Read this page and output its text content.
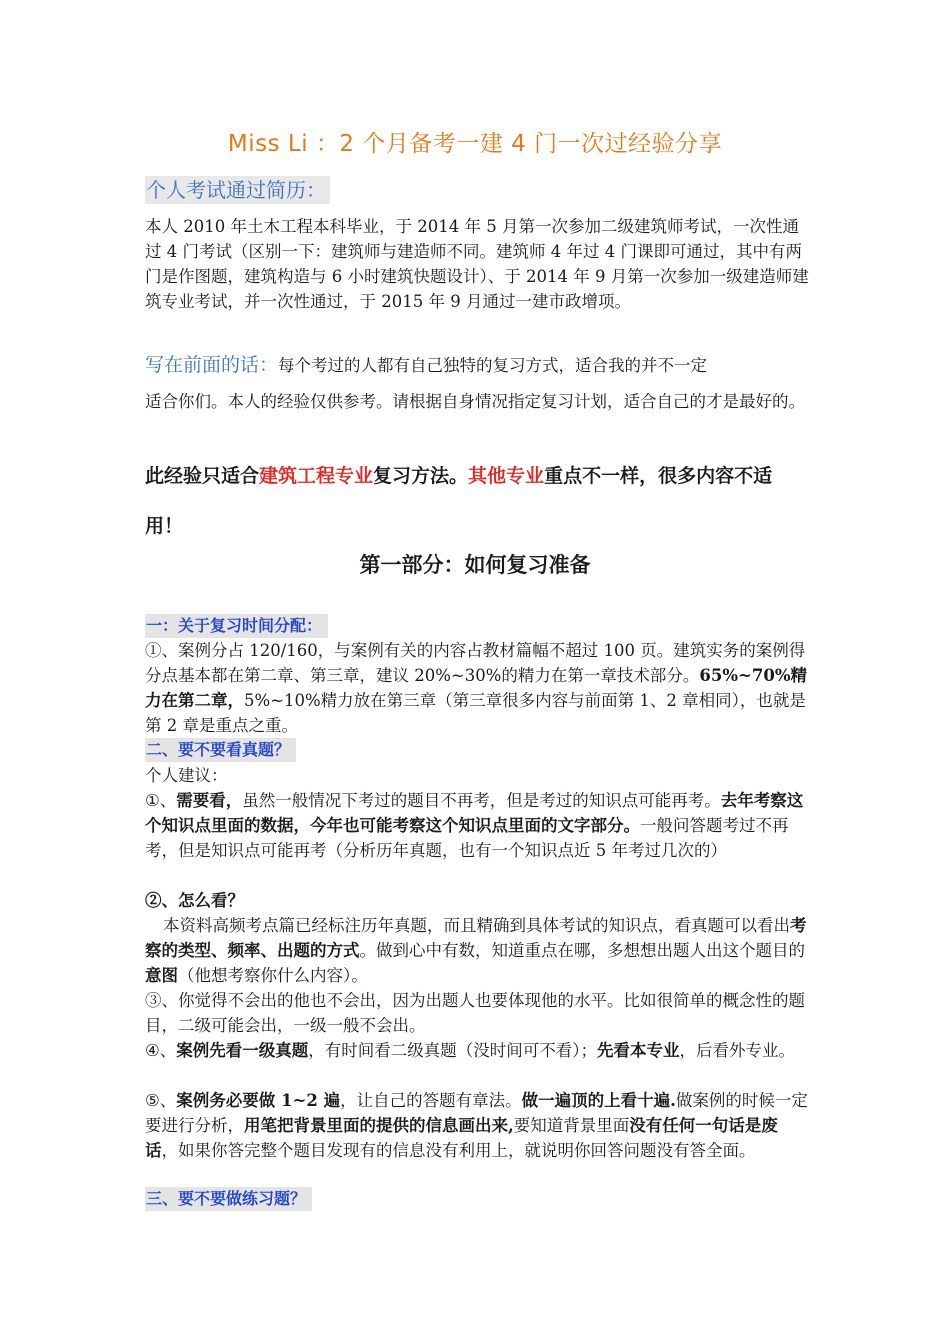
Miss Li ：2 个月备考一建 4 门一次过经验分享
个人考试通过简历：

本人 2010 年土木工程本科毕业，于 2014 年 5 月第一次参加二级建筑师考试，一次性通过 4 门考试（区别一下：建筑师与建造师不同。建筑师 4 年过 4 门课即可通过，其中有两门是作图题，建筑构造与 6 小时建筑快题设计）、于 2014 年 9 月第一次参加一级建造师建筑专业考试，并一次性通过，于 2015 年 9 月通过一建市政增项。

写在前面的话：每个考过的人都有自己独特的复习方式，适合我的并不一定
适合你们。本人的经验仅供参考。请根据自身情况指定复习计划，适合自己的才是最好的。
此经验只适合建筑工程专业复习方法。其他专业重点不一样，很多内容不适用！
第一部分：如何复习准备
一：关于复习时间分配：

①、案例分占 120/160，与案例有关的内容占教材篇幅不超过 100 页。建筑实务的案例得分点基本都在第二章、第三章，建议 20%~30%的精力在第一章技术部分。65%~70%精力在第二章，5%~10%精力放在第三章（第三章很多内容与前面第 1、2 章相同），也就是第 2 章是重点之重。

二、要不要看真题？

个人建议：

①、需要看，虽然一般情况下考过的题目不再考，但是考过的知识点可能再考。去年考察这个知识点里面的数据，今年也可能考察这个知识点里面的文字部分。一般问答题考过不再考，但是知识点可能再考（分析历年真题，也有一个知识点近 5 年考过几次的）

②、怎么看？

本资料高频考点篇已经标注历年真题，而且精确到具体考试的知识点，看真题可以看出考察的类型、频率、出题的方式。做到心中有数，知道重点在哪，多想想出题人出这个题目的意图（他想考察你什么内容）。

③、你觉得不会出的他也不会出，因为出题人也要体现他的水平。比如很简单的概念性的题目，二级可能会出，一级一般不会出。

④、案例先看一级真题，有时间看二级真题（没时间可不看）；先看本专业，后看外专业。

⑤、案例务必要做 1~2 遍，让自己的答题有章法。做一遍顶的上看十遍.做案例的时候一定要进行分析，用笔把背景里面的提供的信息画出来,要知道背景里面没有任何一句话是废话，如果你答完整个题目发现有的信息没有利用上，就说明你回答问题没有答全面。

三、要不要做练习题？
